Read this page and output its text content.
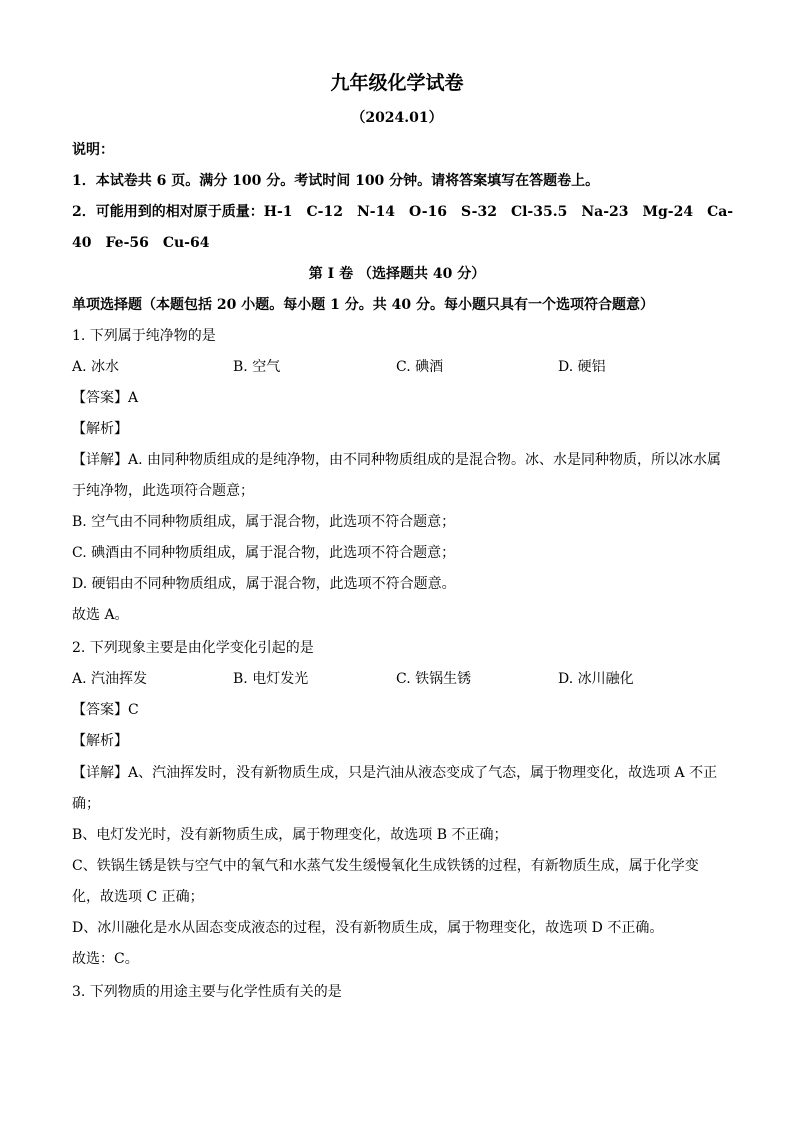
九年级化学试卷
（2024.01）
说明：
1．本试卷共 6 页。满分 100 分。考试时间 100 分钟。请将答案填写在答题卷上。
2．可能用到的相对原于质量：H-1　C-12　N-14　O-16　S-32　Cl-35.5　Na-23　Mg-24　Ca-
40　Fe-56　Cu-64
第 I 卷 （选择题共 40 分）
单项选择题（本题包括 20 小题。每小题 1 分。共 40 分。每小题只具有一个选项符合题意）
1. 下列属于纯净物的是
A. 冰水	B. 空气	C. 碘酒	D. 硬铝
【答案】A
【解析】
【详解】A. 由同种物质组成的是纯净物，由不同种物质组成的是混合物。冰、水是同种物质，所以冰水属
于纯净物，此选项符合题意；
B. 空气由不同种物质组成，属于混合物，此选项不符合题意；
C. 碘酒由不同种物质组成，属于混合物，此选项不符合题意；
D. 硬铝由不同种物质组成，属于混合物，此选项不符合题意。
故选 A。
2. 下列现象主要是由化学变化引起的是
A. 汽油挥发	B. 电灯发光	C. 铁锅生锈	D. 冰川融化
【答案】C
【解析】
【详解】A、汽油挥发时，没有新物质生成，只是汽油从液态变成了气态，属于物理变化，故选项 A 不正
确；
B、电灯发光时，没有新物质生成，属于物理变化，故选项 B 不正确；
C、铁锅生锈是铁与空气中的氧气和水蒸气发生缓慢氧化生成铁锈的过程，有新物质生成，属于化学变
化，故选项 C 正确；
D、冰川融化是水从固态变成液态的过程，没有新物质生成，属于物理变化，故选项 D 不正确。
故选：C。
3. 下列物质的用途主要与化学性质有关的是
